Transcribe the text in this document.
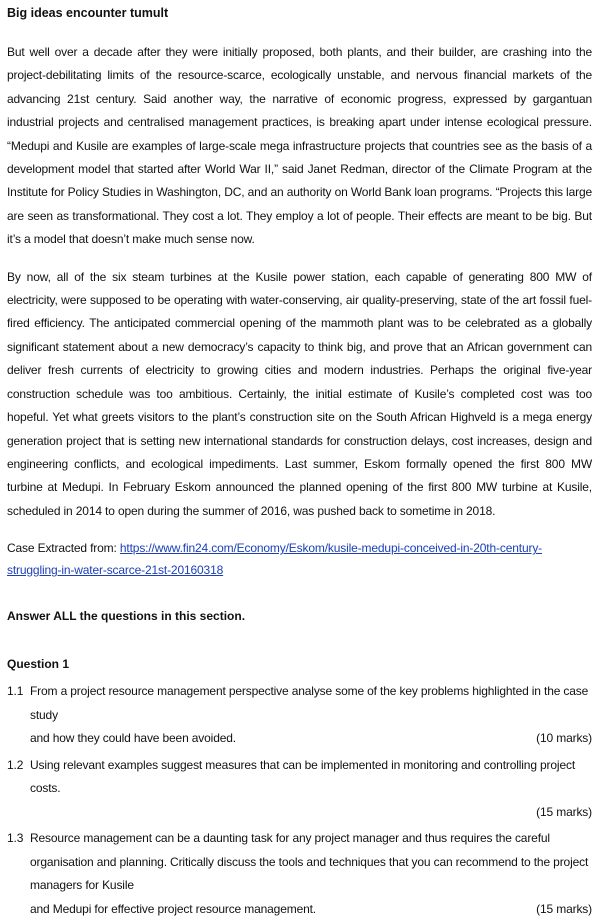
Big ideas encounter tumult

But well over a decade after they were initially proposed, both plants, and their builder, are crashing into the project-debilitating limits of the resource-scarce, ecologically unstable, and nervous financial markets of the advancing 21st century. Said another way, the narrative of economic progress, expressed by gargantuan industrial projects and centralised management practices, is breaking apart under intense ecological pressure. “Medupi and Kusile are examples of large-scale mega infrastructure projects that countries see as the basis of a development model that started after World War II,” said Janet Redman, director of the Climate Program at the Institute for Policy Studies in Washington, DC, and an authority on World Bank loan programs. “Projects this large are seen as transformational. They cost a lot. They employ a lot of people. Their effects are meant to be big. But it’s a model that doesn’t make much sense now.

By now, all of the six steam turbines at the Kusile power station, each capable of generating 800 MW of electricity, were supposed to be operating with water-conserving, air quality-preserving, state of the art fossil fuel-fired efficiency. The anticipated commercial opening of the mammoth plant was to be celebrated as a globally significant statement about a new democracy’s capacity to think big, and prove that an African government can deliver fresh currents of electricity to growing cities and modern industries. Perhaps the original five-year construction schedule was too ambitious. Certainly, the initial estimate of Kusile’s completed cost was too hopeful. Yet what greets visitors to the plant’s construction site on the South African Highveld is a mega energy generation project that is setting new international standards for construction delays, cost increases, design and engineering conflicts, and ecological impediments. Last summer, Eskom formally opened the first 800 MW turbine at Medupi. In February Eskom announced the planned opening of the first 800 MW turbine at Kusile, scheduled in 2014 to open during the summer of 2016, was pushed back to sometime in 2018.

Case Extracted from: https://www.fin24.com/Economy/Eskom/kusile-medupi-conceived-in-20th-century-struggling-in-water-scarce-21st-20160318

Answer ALL the questions in this section.
Question 1
1.1 From a project resource management perspective analyse some of the key problems highlighted in the case study
and how they could have been avoided.	(10 marks)
1.2 Using relevant examples suggest measures that can be implemented in monitoring and controlling project costs.
(15 marks)
1.3 Resource management can be a daunting task for any project manager and thus requires the careful organisation and planning. Critically discuss the tools and techniques that you can recommend to the project managers for Kusile
and Medupi for effective project resource management.	(15 marks)
